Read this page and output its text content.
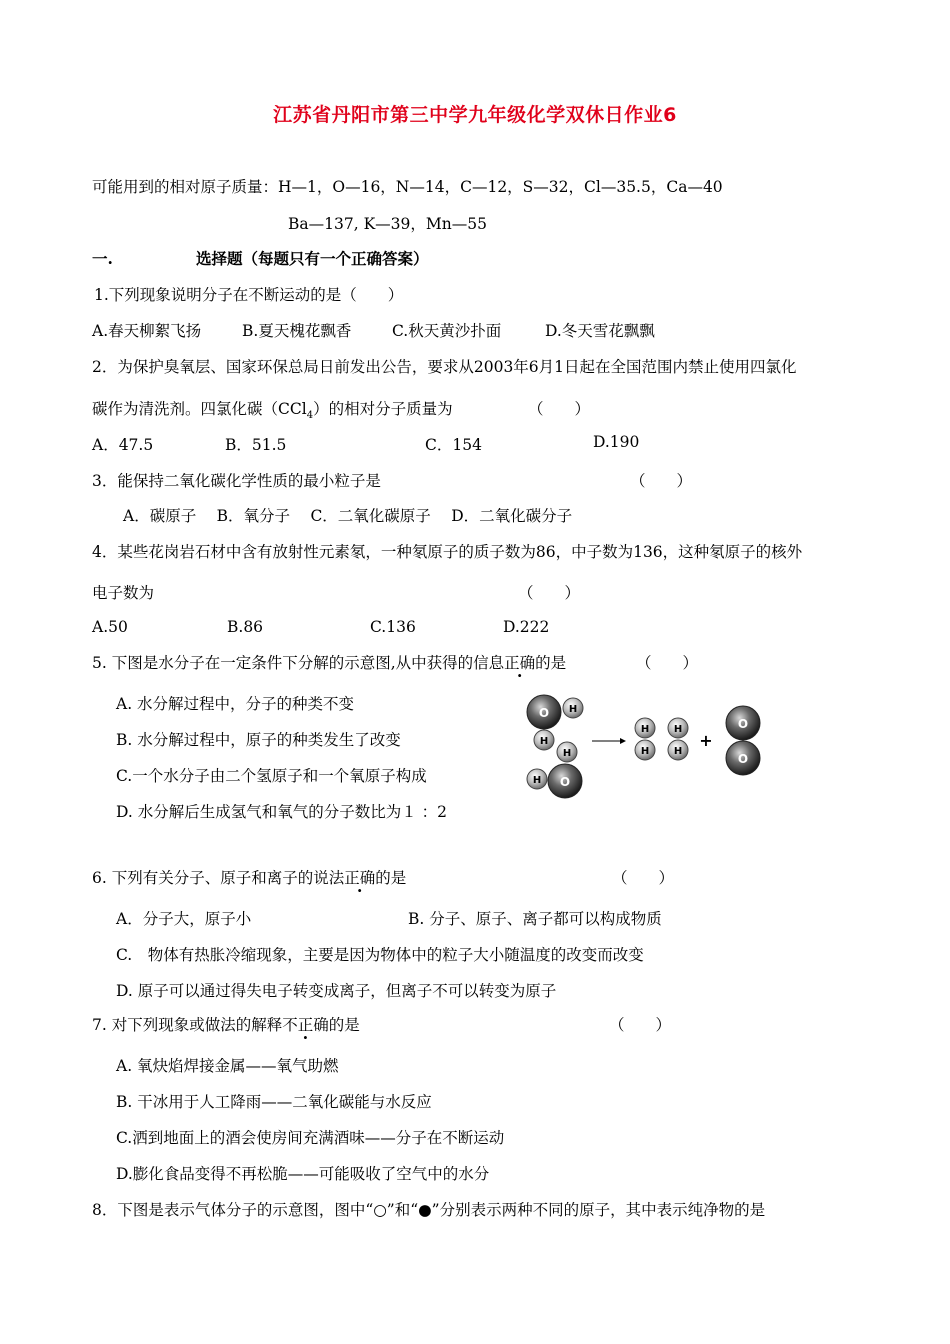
江苏省丹阳市第三中学九年级化学双休日作业6
可能用到的相对原子质量：H—1，O—16，N—14，C—12，S—32，Cl—35.5，Ca—40
Ba—137, K—39，Mn—55
一.	选择题（每题只有一个正确答案）
1.下列现象说明分子在不断运动的是（　　）
A.春天柳絮飞扬	B.夏天槐花飘香	C.秋天黄沙扑面	D.冬天雪花飘飘
2．为保护臭氧层、国家环保总局日前发出公告，要求从2003年6月1日起在全国范围内禁止使用四氯化
碳作为清洗剂。四氯化碳（CCl$_4$）的相对分子质量为	（　　）
A．47.5	B．51.5	C．154	D.190
3．能保持二氧化碳化学性质的最小粒子是	（　　）
A．碳原子　 B．氧分子　 C．二氧化碳原子　 D．二氧化碳分子
4．某些花岗岩石材中含有放射性元素氡，一种氡原子的质子数为86，中子数为136，这种氡原子的核外
电子数为	（　　）
A.50	B.86	C.136	D.222
5. 下图是水分子在一定条件下分解的示意图,从中获得的信息正确的是	（　　）
A. 水分解过程中，分子的种类不变
B. 水分解过程中，原子的种类发生了改变
C.一个水分子由二个氢原子和一个氧原子构成
D. 水分解后生成氢气和氧气的分子数比为１ ：2
O H
H
H
H O
H
H
H
H
+
O
O
6. 下列有关分子、原子和离子的说法正确的是	（　　）
A．分子大，原子小	B. 分子、原子、离子都可以构成物质
C.　物体有热胀冷缩现象，主要是因为物体中的粒子大小随温度的改变而改变
D. 原子可以通过得失电子转变成离子，但离子不可以转变为原子
7. 对下列现象或做法的解释不正确的是	（　　）
A. 氧炔焰焊接金属——氧气助燃
B. 干冰用于人工降雨——二氧化碳能与水反应
C.洒到地面上的酒会使房间充满酒味——分子在不断运动
D.膨化食品变得不再松脆——可能吸收了空气中的水分
8．下图是表示气体分子的示意图，图中“○”和“●”分别表示两种不同的原子，其中表示纯净物的是
